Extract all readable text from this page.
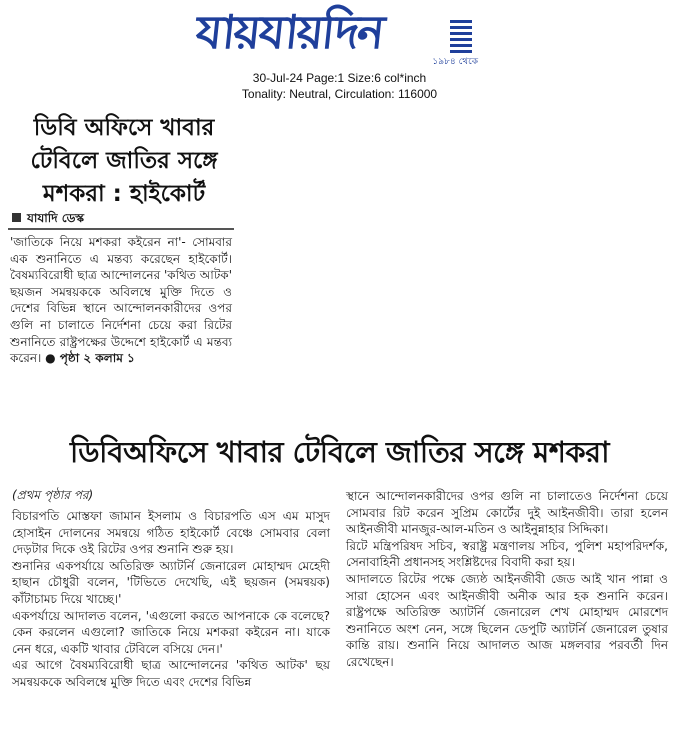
যায়যায়দিন
১৯৮৪ থেকে
30-Jul-24 Page:1 Size:6 col*inch
Tonality: Neutral, Circulation: 116000
ডিবি অফিসে খাবার
টেবিলে জাতির সঙ্গে
মশকরা : হাইকোর্ট
যাযাদি ডেস্ক
'জাতিকে নিয়ে মশকরা কইরেন না'- সোমবার এক শুনানিতে এ মন্তব্য করেছেন হাইকোর্ট। বৈষম্যবিরোধী ছাত্র আন্দোলনের 'কথিত আটক' ছয়জন সমন্বয়ককে অবিলম্বে মুক্তি দিতে ও দেশের বিভিন্ন স্থানে আন্দোলনকারীদের ওপর গুলি না চালাতে নির্দেশনা চেয়ে করা রিটের শুনানিতে রাষ্ট্রপক্ষের উদ্দেশে হাইকোর্ট এ মন্তব্য করেন। ● পৃষ্ঠা ২ কলাম ১
ডিবিঅফিসে খাবার টেবিলে জাতির সঙ্গে মশকরা
(প্রথম পৃষ্ঠার পর)

বিচারপতি মোস্তফা জামান ইসলাম ও বিচারপতি এস এম মাসুদ হোসাইন দোলনের সমন্বয়ে গঠিত হাইকোর্ট বেঞ্চে সোমবার বেলা দেড়টার দিকে ওই রিটের ওপর শুনানি শুরু হয়।

শুনানির একপর্যায়ে অতিরিক্ত অ্যাটর্নি জেনারেল মোহাম্মদ মেহেদী হাছান চৌধুরী বলেন, 'টিভিতে দেখেছি, এই ছয়জন (সমন্বয়ক) কাঁটাচামচ দিয়ে খাচ্ছে।'

একপর্যায়ে আদালত বলেন, 'এগুলো করতে আপনাকে কে বলেছে? কেন করলেন এগুলো? জাতিকে নিয়ে মশকরা কইরেন না। যাকে নেন ধরে, একটি খাবার টেবিলে বসিয়ে দেন।'

এর আগে বৈষম্যবিরোধী ছাত্র আন্দোলনের 'কথিত আটক' ছয় সমন্বয়ককে অবিলম্বে মুক্তি দিতে এবং দেশের বিভিন্ন

স্থানে আন্দোলনকারীদের ওপর গুলি না চালাতেও নির্দেশনা চেয়ে সোমবার রিট করেন সুপ্রিম কোর্টের দুই আইনজীবী। তারা হলেন আইনজীবী মানজুর-আল-মতিন ও আইনুন্নাহার সিদ্দিকা।

রিটে মন্ত্রিপরিষদ সচিব, স্বরাষ্ট্র মন্ত্রণালয় সচিব, পুলিশ মহাপরিদর্শক, সেনাবাহিনী প্রধানসহ সংশ্লিষ্টদের বিবাদী করা হয়।

আদালতে রিটের পক্ষে জ্যেষ্ঠ আইনজীবী জেড আই খান পান্না ও সারা হোসেন এবং আইনজীবী অনীক আর হক শুনানি করেন। রাষ্ট্রপক্ষে অতিরিক্ত অ্যাটর্নি জেনারেল শেখ মোহাম্মদ মোরশেদ শুনানিতে অংশ নেন, সঙ্গে ছিলেন ডেপুটি অ্যাটর্নি জেনারেল তুষার কান্তি রায়। শুনানি নিয়ে আদালত আজ মঙ্গলবার পরবর্তী দিন রেখেছেন।
